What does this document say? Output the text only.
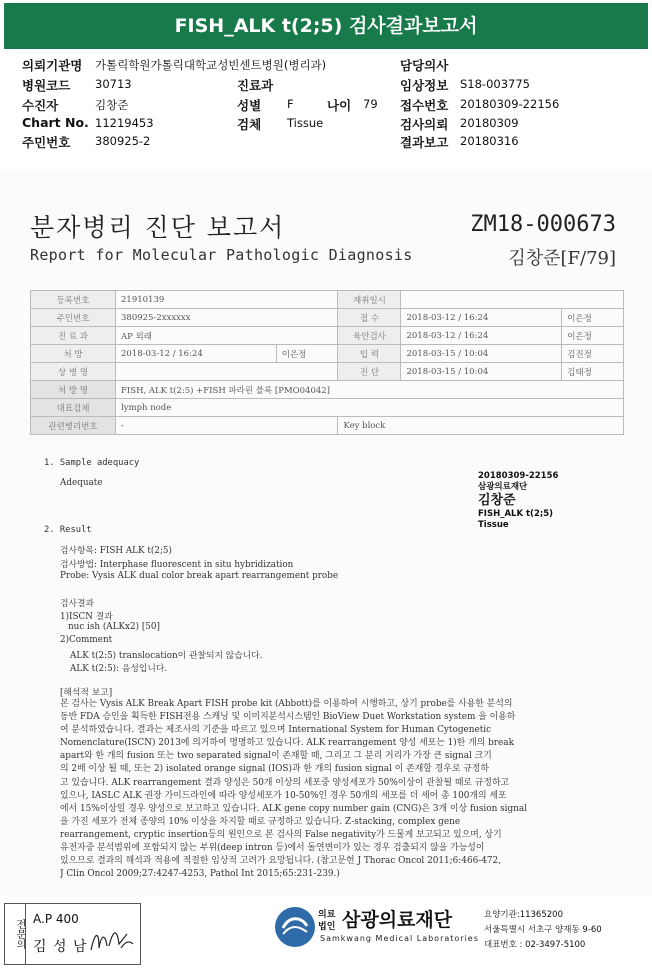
FISH_ALK t(2;5) 검사결과보고서
의뢰기관명 가톨릭학원가톨릭대학교성빈센트병원(병리과)	담당의사
병원코드 30713	진료과	임상정보 S18-003775
수진자	김창준	성별 F	나이 79 접수번호 20180309-22156
Chart No. 11219453	검체 Tissue	검사의뢰 20180309
주민번호 380925-2	결과보고 20180316
분자병리 진단 보고서
Report for Molecular Pathologic Diagnosis
ZM18-000673
김창준[F/79]
등록번호	21910139		재취일시		
주민번호	380925-2xxxxxx		접 수	2018-03-12 / 16:24	이은정
진 료 과	AP 외래		육안검사	2018-03-12 / 16:24	이은정
처 방	2018-03-12 / 16:24	이은정	입 력	2018-03-15 / 10:04	김진정
상 병 명			진 단	2018-03-15 / 10:04	김태정
처 방 명	FISH, ALK t(2:5) +FISH 파라핀 블록 [PMO04042]				
대표검체	lymph node				
관련병리번호	-		Key block		
1. Sample adequacy
Adequate
20180309-22156
삼광의료재단
김창준
FISH_ALK t(2;5)
Tissue
2. Result
검사항목: FISH ALK t(2;5)
검사방법: Interphase fluorescent in situ hybridization
Probe: Vysis ALK dual color break apart rearrangement probe
검사결과
1)ISCN 결과
nuc ish (ALKx2) [50]
2)Comment
ALK t(2:5) translocation이 관찰되지 않습니다.
ALK t(2:5): 음성입니다.
[해석적 보고]
본 검사는 Vysis ALK Break Apart FISH probe kit (Abbott)를 이용하여 시행하고, 상기 probe를 사용한 분석의
동반 FDA 승인을 획득한 FISH전용 스캐닝 및 이미지분석시스템인 BioView Duet Workstation system 을 이용하
여 분석하였습니다. 결과는 제조사의 기준을 따르고 있으며 International System for Human Cytogenetic
Nomenclature(ISCN) 2013에 의거하여 명명하고 있습니다. ALK rearrangement 양성 세포는 1)한 개의 break
apart와 한 개의 fusion 또는 two separated signal이 존재할 때, 그리고 그 분리 거리가 가장 큰 signal 크기
의 2배 이상 될 때, 또는 2) isolated orange signal (IOS)과 한 개의 fusion signal 이 존재할 경우로 규정하
고 있습니다. ALK rearrangement 결과 양성은 50개 이상의 세포중 양성세포가 50%이상이 관찰될 때로 규정하고
있으나, IASLC ALK 권장 가이드라인에 따라 양성세포가 10-50%인 경우 50개의 세포를 더 세어 총 100개의 세포
에서 15%이상일 경우 양성으로 보고하고 있습니다. ALK gene copy number gain (CNG)은 3개 이상 fusion signal
을 가진 세포가 전체 종양의 10% 이상을 차지할 때로 규정하고 있습니다. Z-stacking, complex gene
rearrangement, cryptic insertion등의 원인으로 본 검사의 False negativity가 드물게 보고되고 있으며, 상기
유전자중 분석범위에 포함되지 않는 부위(deep intron 등)에서 돌연변이가 있는 경우 검출되지 않을 가능성이
있으므로 결과의 해석과 적용에 적절한 임상적 고려가 요망됩니다. (참고문헌 J Thorac Oncol 2011;6:466-472,
J Clin Oncol 2009;27:4247-4253, Pathol Int 2015;65:231-239.)
전문의 A.P 400
김 성 남	SML
의료
법인 삼광의료재단
Samkwang Medical Laboratories
요양기관:11365200
서울특별시 서초구 양재동 9-60
대표번호 : 02-3497-5100
